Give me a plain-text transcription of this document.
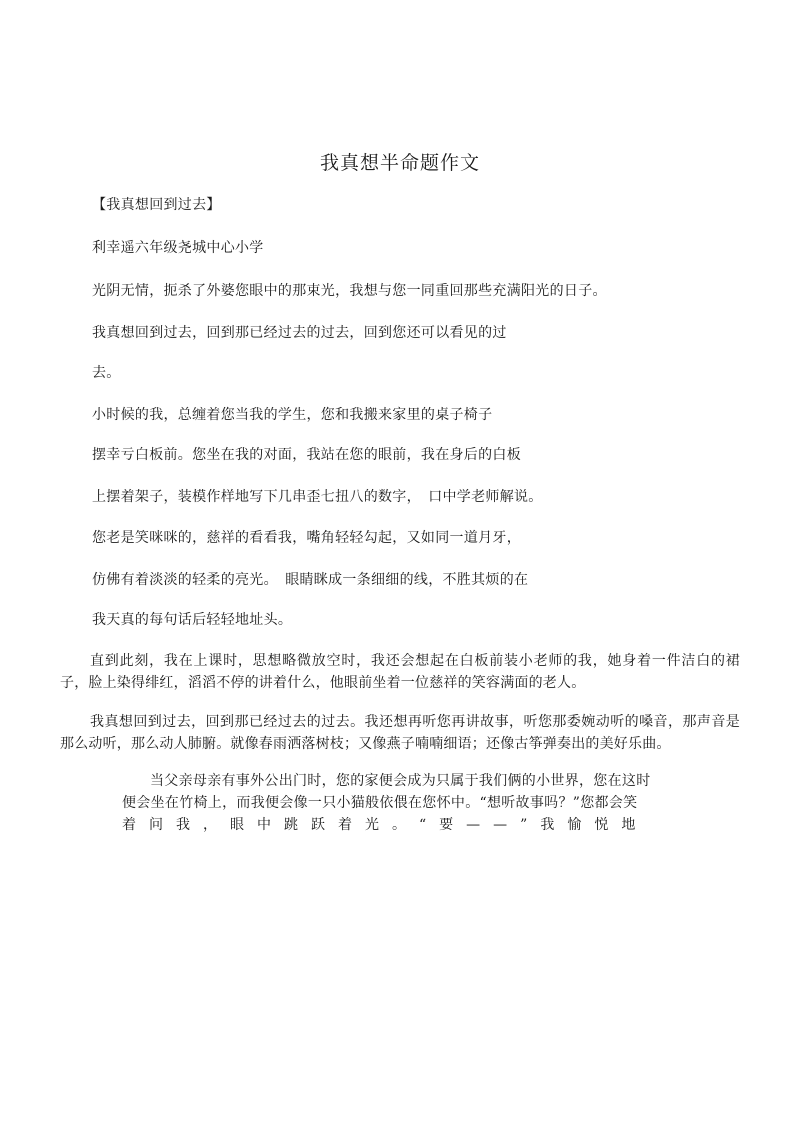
我真想半命题作文
【我真想回到过去】
利幸遥六年级尧城中心小学
光阴无情，扼杀了外婆您眼中的那束光，我想与您一同重回那些充满阳光的日子。
我真想回到过去，回到那已经过去的过去，回到您还可以看见的过
去。
小时候的我，总缠着您当我的学生，您和我搬来家里的桌子椅子
摆幸亏白板前。您坐在我的对面，我站在您的眼前，我在身后的白板
上摆着架子，装模作样地写下几串歪七扭八的数字，　口中学老师解说。
您老是笑咪咪的，慈祥的看看我，嘴角轻轻勾起，又如同一道月牙，
仿佛有着淡淡的轻柔的亮光。　眼睛眯成一条细细的线，不胜其烦的在
我天真的每句话后轻轻地址头。
直到此刻，我在上课时，思想略微放空时，我还会想起在白板前装小老师的我，她身着一件洁白的裙子，脸上染得绯红，滔滔不停的讲着什么，他眼前坐着一位慈祥的笑容满面的老人。
我真想回到过去，回到那已经过去的过去。我还想再听您再讲故事，听您那委婉动听的嗓音，那声音是那么动听，那么动人肺腑。就像春雨洒落树枝；又像燕子喃喃细语；还像古筝弹奏出的美好乐曲。
当父亲母亲有事外公出门时，您的家便会成为只属于我们俩的小世界，您在这时
便会坐在竹椅上，而我便会像一只小猫般依偎在您怀中。“想听故事吗？”您都会笑
着问我，眼中跳跃着光。“要——”我愉悦地
